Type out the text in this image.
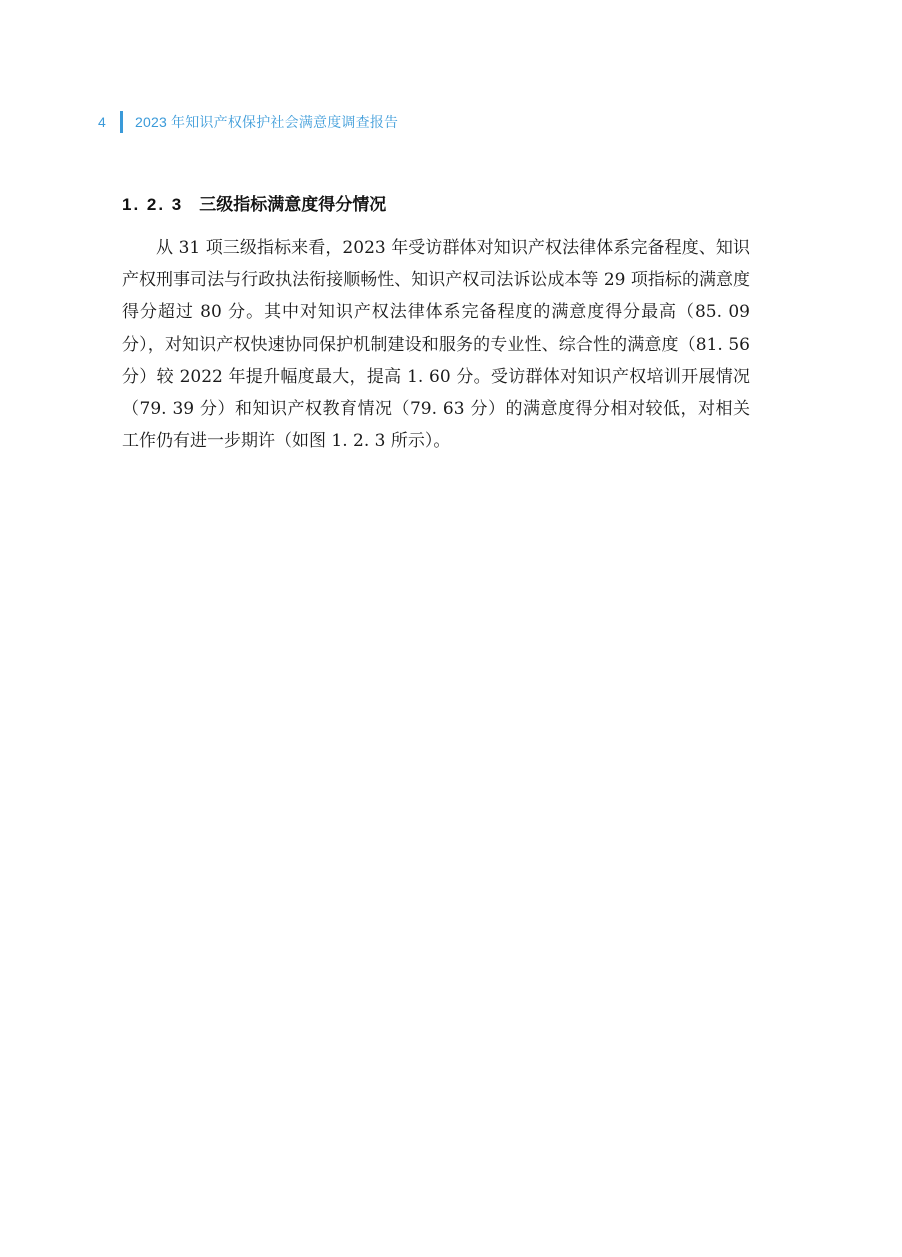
4	2023 年知识产权保护社会满意度调查报告
1. 2. 3 三级指标满意度得分情况

从 31 项三级指标来看，2023 年受访群体对知识产权法律体系完备程度、知识产权刑事司法与行政执法衔接顺畅性、知识产权司法诉讼成本等 29 项指标的满意度得分超过 80 分。其中对知识产权法律体系完备程度的满意度得分最高（85. 09 分），对知识产权快速协同保护机制建设和服务的专业性、综合性的满意度（81. 56 分）较 2022 年提升幅度最大，提高 1. 60 分。受访群体对知识产权培训开展情况（79. 39 分）和知识产权教育情况（79. 63 分）的满意度得分相对较低，对相关工作仍有进一步期许（如图 1. 2. 3 所示）。
